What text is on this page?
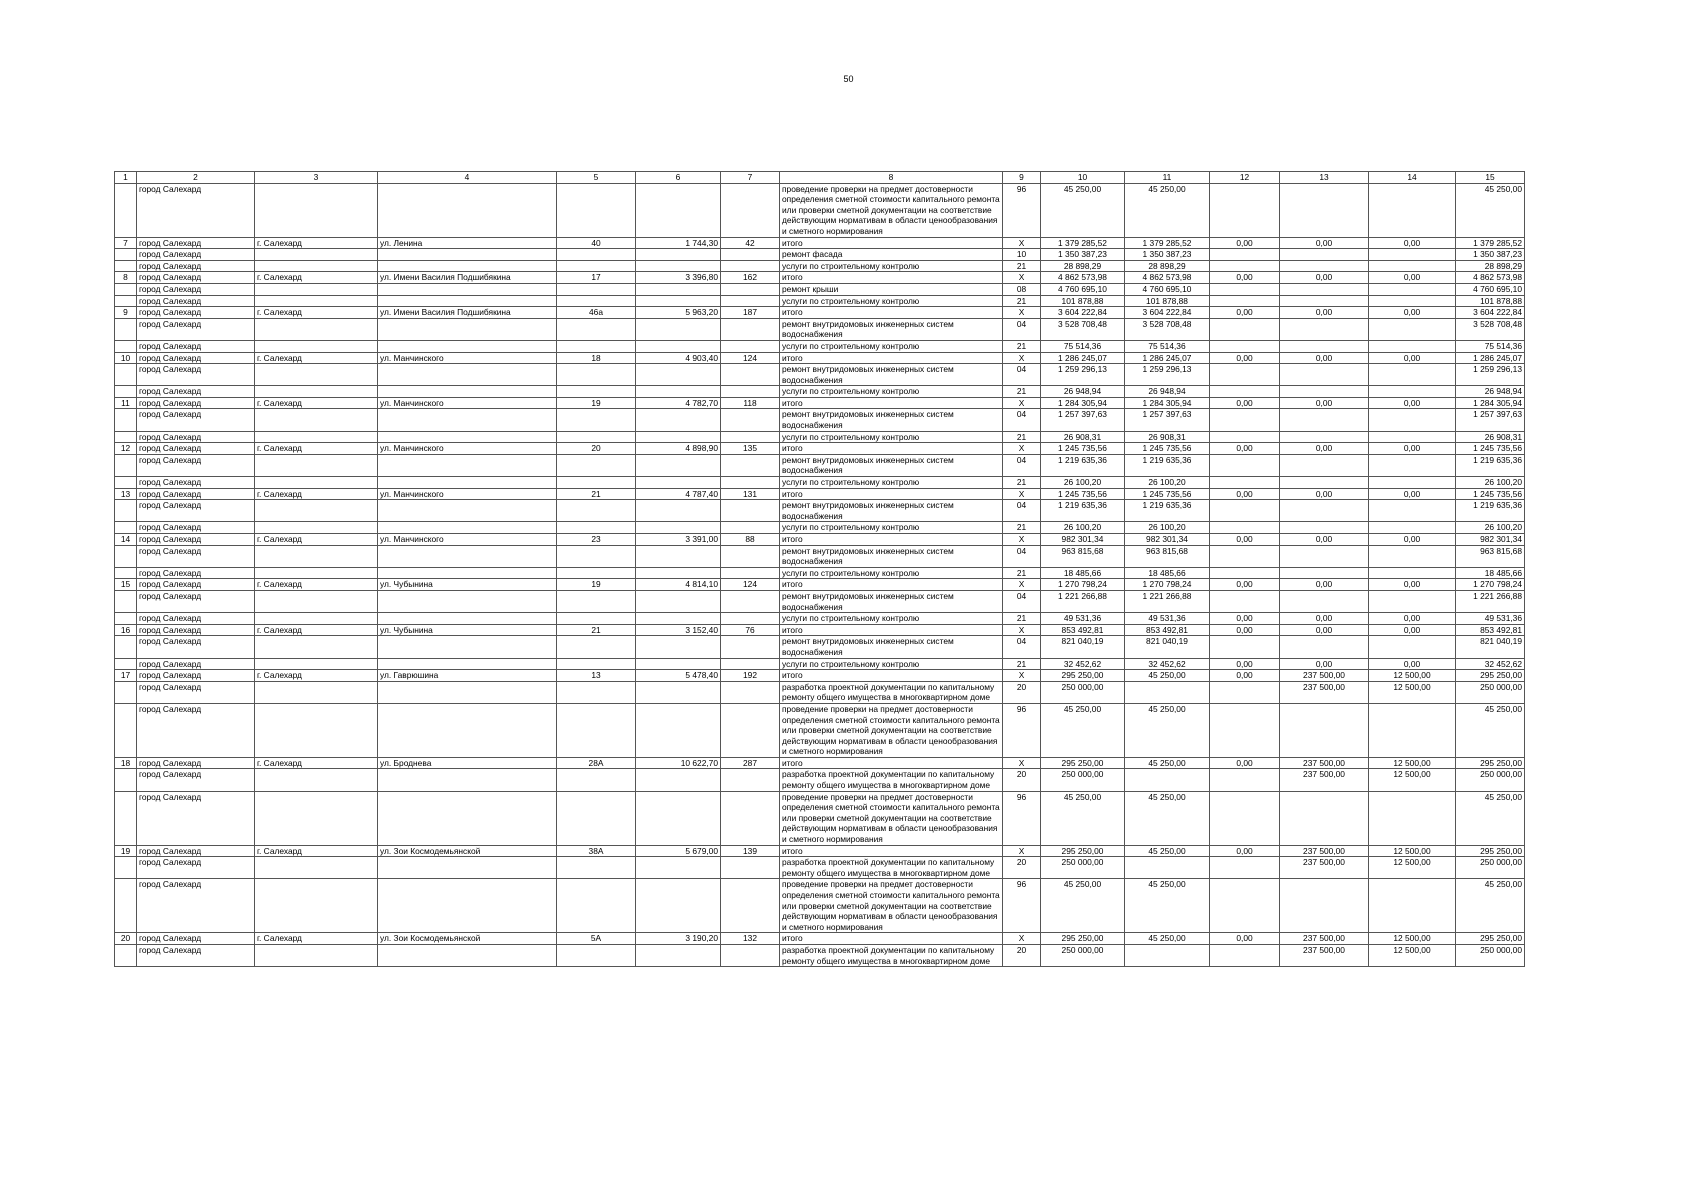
50
1	2	3	4	5	6	7	8	9	10	11	12	13	14	15
	город Салехард						проведение проверки на предмет достоверности определения сметной стоимости капитального ремонта или проверки сметной документации на соответствие действующим нормативам в области ценообразования и сметного нормирования	96	45 250,00	45 250,00				45 250,00
7	город Салехард	г. Салехард	ул. Ленина	40	1 744,30	42	итого	Х	1 379 285,52	1 379 285,52	0,00	0,00	0,00	1 379 285,52
	город Салехард						ремонт фасада	10	1 350 387,23	1 350 387,23				1 350 387,23
	город Салехард						услуги по строительному контролю	21	28 898,29	28 898,29				28 898,29
8	город Салехард	г. Салехард	ул. Имени Василия Подшибякина	17	3 396,80	162	итого	Х	4 862 573,98	4 862 573,98	0,00	0,00	0,00	4 862 573,98
	город Салехард						ремонт крыши	08	4 760 695,10	4 760 695,10				4 760 695,10
	город Салехард						услуги по строительному контролю	21	101 878,88	101 878,88				101 878,88
9	город Салехард	г. Салехард	ул. Имени Василия Подшибякина	46а	5 963,20	187	итого	Х	3 604 222,84	3 604 222,84	0,00	0,00	0,00	3 604 222,84
	город Салехард						ремонт внутридомовых инженерных систем водоснабжения	04	3 528 708,48	3 528 708,48				3 528 708,48
	город Салехард						услуги по строительному контролю	21	75 514,36	75 514,36				75 514,36
10	город Салехард	г. Салехард	ул. Манчинского	18	4 903,40	124	итого	Х	1 286 245,07	1 286 245,07	0,00	0,00	0,00	1 286 245,07
	город Салехард						ремонт внутридомовых инженерных систем водоснабжения	04	1 259 296,13	1 259 296,13				1 259 296,13
	город Салехард						услуги по строительному контролю	21	26 948,94	26 948,94				26 948,94
11	город Салехард	г. Салехард	ул. Манчинского	19	4 782,70	118	итого	Х	1 284 305,94	1 284 305,94	0,00	0,00	0,00	1 284 305,94
	город Салехард						ремонт внутридомовых инженерных систем водоснабжения	04	1 257 397,63	1 257 397,63				1 257 397,63
	город Салехард						услуги по строительному контролю	21	26 908,31	26 908,31				26 908,31
12	город Салехард	г. Салехард	ул. Манчинского	20	4 898,90	135	итого	Х	1 245 735,56	1 245 735,56	0,00	0,00	0,00	1 245 735,56
	город Салехард						ремонт внутридомовых инженерных систем водоснабжения	04	1 219 635,36	1 219 635,36				1 219 635,36
	город Салехард						услуги по строительному контролю	21	26 100,20	26 100,20				26 100,20
13	город Салехард	г. Салехард	ул. Манчинского	21	4 787,40	131	итого	Х	1 245 735,56	1 245 735,56	0,00	0,00	0,00	1 245 735,56
	город Салехард						ремонт внутридомовых инженерных систем водоснабжения	04	1 219 635,36	1 219 635,36				1 219 635,36
	город Салехард						услуги по строительному контролю	21	26 100,20	26 100,20				26 100,20
14	город Салехард	г. Салехард	ул. Манчинского	23	3 391,00	88	итого	Х	982 301,34	982 301,34	0,00	0,00	0,00	982 301,34
	город Салехард						ремонт внутридомовых инженерных систем водоснабжения	04	963 815,68	963 815,68				963 815,68
	город Салехард						услуги по строительному контролю	21	18 485,66	18 485,66				18 485,66
15	город Салехард	г. Салехард	ул. Чубынина	19	4 814,10	124	итого	Х	1 270 798,24	1 270 798,24	0,00	0,00	0,00	1 270 798,24
	город Салехард						ремонт внутридомовых инженерных систем водоснабжения	04	1 221 266,88	1 221 266,88				1 221 266,88
	город Салехард						услуги по строительному контролю	21	49 531,36	49 531,36	0,00	0,00	0,00	49 531,36
16	город Салехард	г. Салехард	ул. Чубынина	21	3 152,40	76	итого	Х	853 492,81	853 492,81	0,00	0,00	0,00	853 492,81
	город Салехард						ремонт внутридомовых инженерных систем водоснабжения	04	821 040,19	821 040,19				821 040,19
	город Салехард						услуги по строительному контролю	21	32 452,62	32 452,62	0,00	0,00	0,00	32 452,62
17	город Салехард	г. Салехард	ул. Гаврюшина	13	5 478,40	192	итого	Х	295 250,00	45 250,00	0,00	237 500,00	12 500,00	295 250,00
	город Салехард						разработка проектной документации по капитальному ремонту общего имущества в многоквартирном доме	20	250 000,00			237 500,00	12 500,00	250 000,00
	город Салехард						проведение проверки на предмет достоверности определения сметной стоимости капитального ремонта или проверки сметной документации на соответствие действующим нормативам в области ценообразования и сметного нормирования	96	45 250,00	45 250,00				45 250,00
18	город Салехард	г. Салехард	ул. Броднева	28А	10 622,70	287	итого	Х	295 250,00	45 250,00	0,00	237 500,00	12 500,00	295 250,00
	город Салехард						разработка проектной документации по капитальному ремонту общего имущества в многоквартирном доме	20	250 000,00			237 500,00	12 500,00	250 000,00
	город Салехард						проведение проверки на предмет достоверности определения сметной стоимости капитального ремонта или проверки сметной документации на соответствие действующим нормативам в области ценообразования и сметного нормирования	96	45 250,00	45 250,00				45 250,00
19	город Салехард	г. Салехард	ул. Зои Космодемьянской	38А	5 679,00	139	итого	Х	295 250,00	45 250,00	0,00	237 500,00	12 500,00	295 250,00
	город Салехард						разработка проектной документации по капитальному ремонту общего имущества в многоквартирном доме	20	250 000,00			237 500,00	12 500,00	250 000,00
	город Салехард						проведение проверки на предмет достоверности определения сметной стоимости капитального ремонта или проверки сметной документации на соответствие действующим нормативам в области ценообразования и сметного нормирования	96	45 250,00	45 250,00				45 250,00
20	город Салехард	г. Салехард	ул. Зои Космодемьянской	5А	3 190,20	132	итого	Х	295 250,00	45 250,00	0,00	237 500,00	12 500,00	295 250,00
	город Салехард						разработка проектной документации по капитальному ремонту общего имущества в многоквартирном доме	20	250 000,00			237 500,00	12 500,00	250 000,00
